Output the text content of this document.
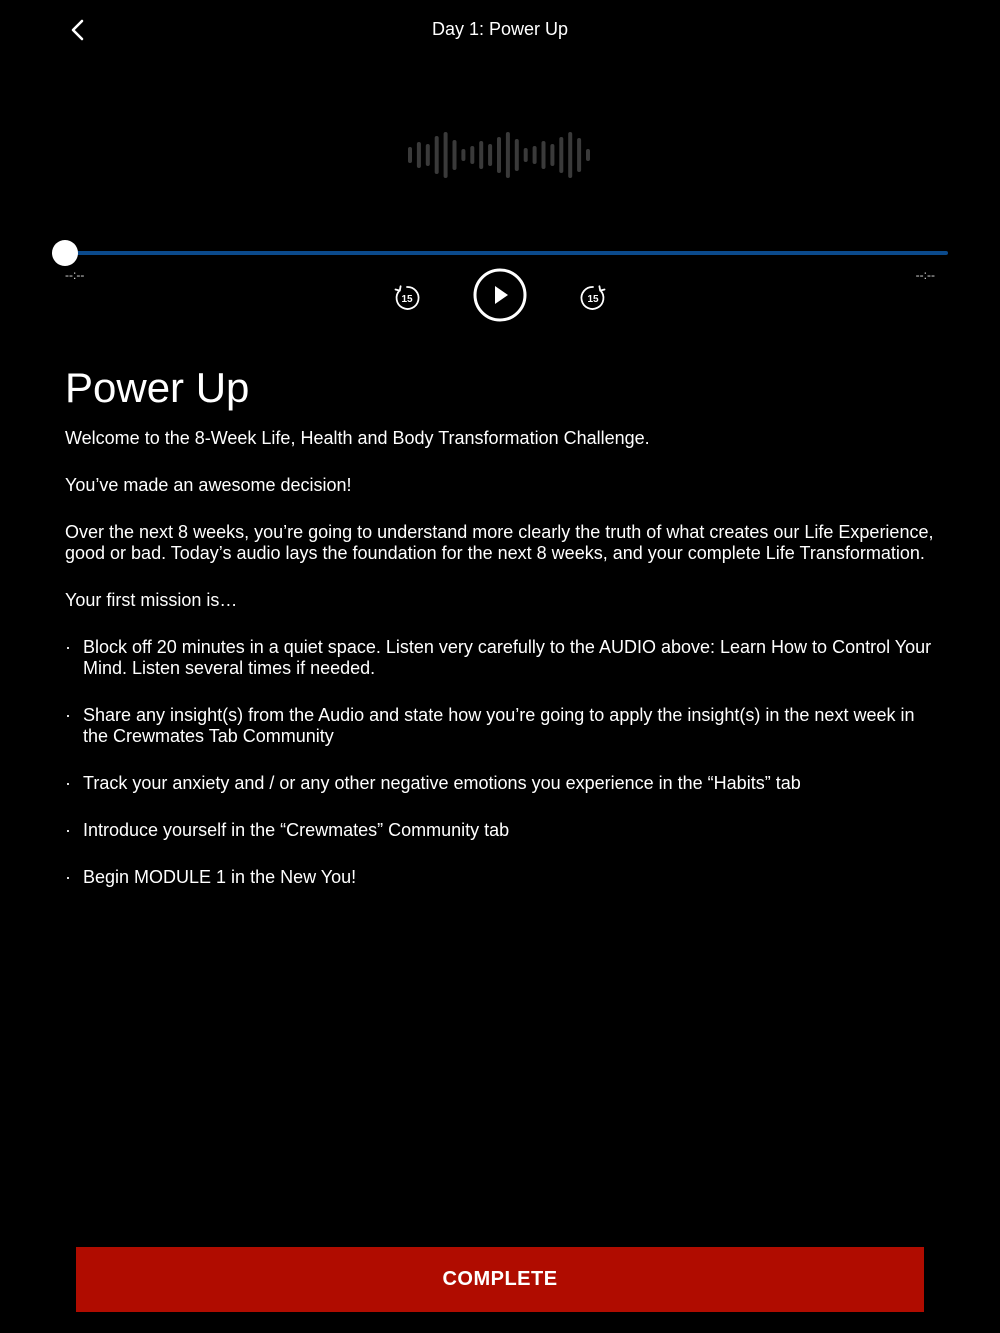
Day 1: Power Up
--:--	--:--
15	15
Power Up

Welcome to the 8-Week Life, Health and Body Transformation Challenge.

You’ve made an awesome decision!

Over the next 8 weeks, you’re going to understand more clearly the truth of what creates our Life Experience, good or bad. Today’s audio lays the foundation for the next 8 weeks, and your complete Life Transformation.

Your first mission is…

· Block off 20 minutes in a quiet space. Listen very carefully to the AUDIO above: Learn How to Control Your Mind. Listen several times if needed.
· Share any insight(s) from the Audio and state how you’re going to apply the insight(s) in the next week in the Crewmates Tab Community
· Track your anxiety and / or any other negative emotions you experience in the “Habits” tab
· Introduce yourself in the “Crewmates” Community tab
· Begin MODULE 1 in the New You!
COMPLETE
